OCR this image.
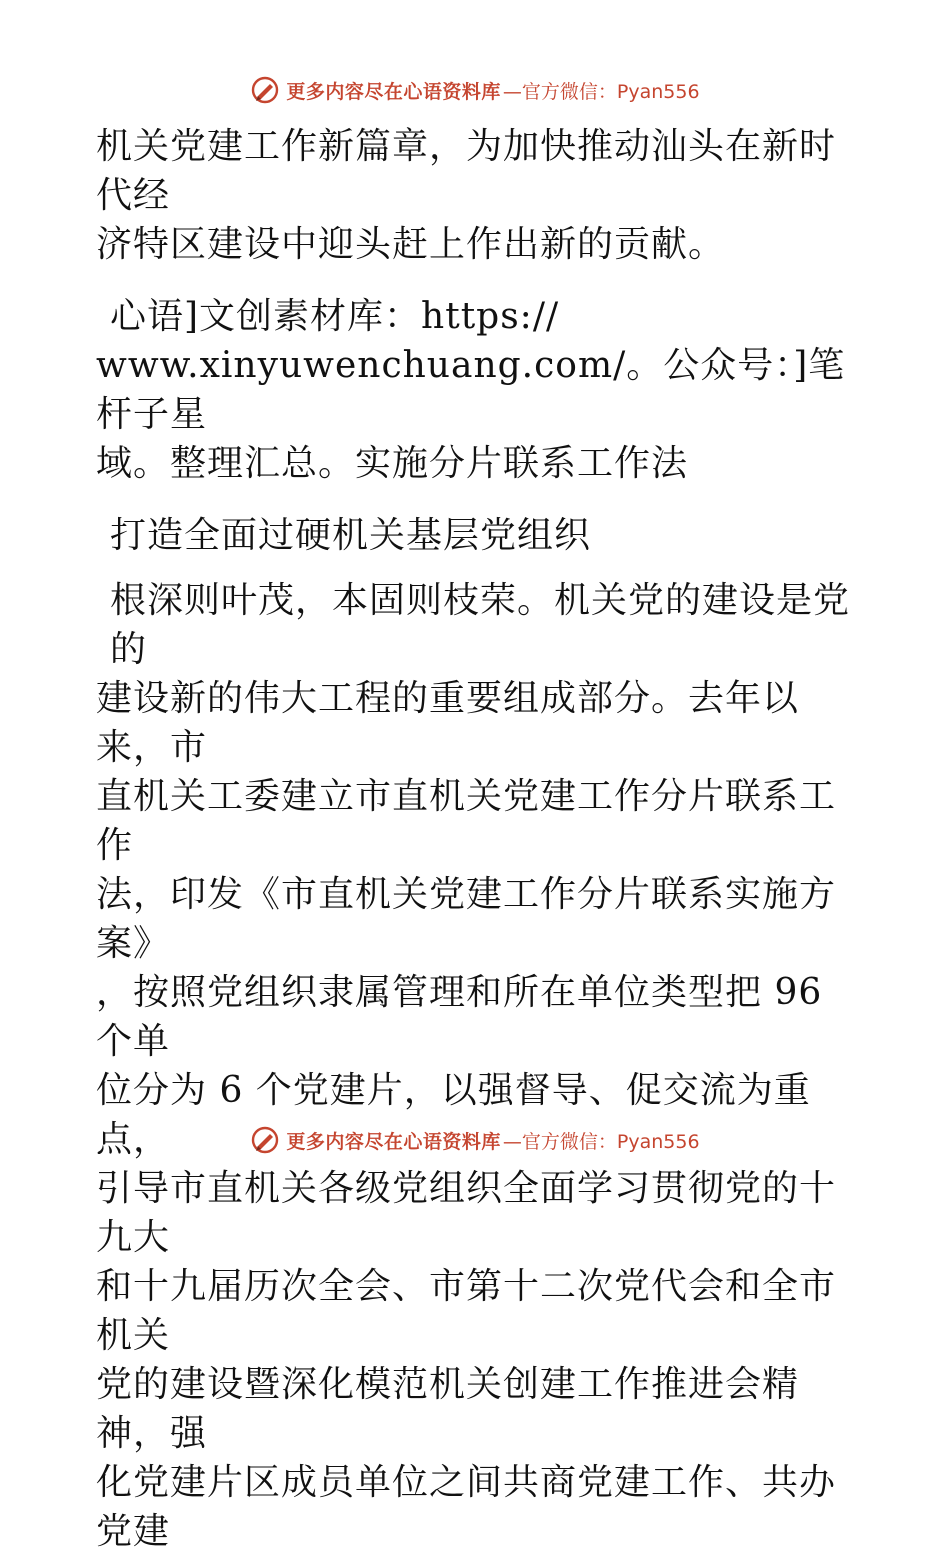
更多内容尽在心语资料库 —官方微信：Pyan556
机关党建工作新篇章，为加快推动汕头在新时代经
济特区建设中迎头赶上作出新的贡献。
心语]文创素材库：https://
www.xinyuwenchuang.com/。公众号：]笔杆子星
域。整理汇总。实施分片联系工作法
打造全面过硬机关基层党组织
根深则叶茂，本固则枝荣。机关党的建设是党的
建设新的伟大工程的重要组成部分。去年以来，市
直机关工委建立市直机关党建工作分片联系工作
法，印发《市直机关党建工作分片联系实施方案》
，按照党组织隶属管理和所在单位类型把 96 个单
位分为 6 个党建片，以强督导、促交流为重点，
引导市直机关各级党组织全面学习贯彻党的十九大
和十九届历次全会、市第十二次党代会和全市机关
党的建设暨深化模范机关创建工作推进会精神，强
化党建片区成员单位之间共商党建工作、共办党建
更多内容尽在心语资料库 —官方微信：Pyan556
